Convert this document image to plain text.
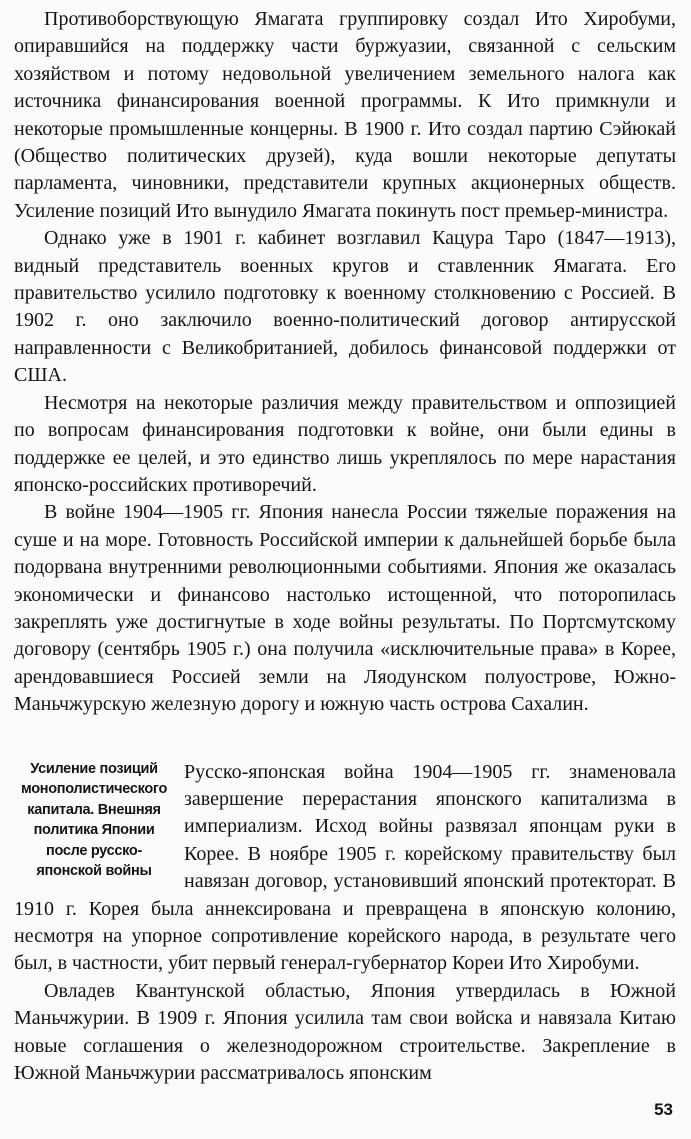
Противоборствующую Ямагата группировку создал Ито Хиробуми, опиравшийся на поддержку части буржуазии, связанной с сельским хозяйством и потому недовольной увеличением земельного налога как источника финансирования военной программы. К Ито примкнули и некоторые промышленные концерны. В 1900 г. Ито создал партию Сэйюкай (Общество политических друзей), куда вошли некоторые депутаты парламента, чиновники, представители крупных акционерных обществ. Усиление позиций Ито вынудило Ямагата покинуть пост премьер-министра.

Однако уже в 1901 г. кабинет возглавил Кацура Таро (1847—1913), видный представитель военных кругов и ставленник Ямагата. Его правительство усилило подготовку к военному столкновению с Россией. В 1902 г. оно заключило военно-политический договор антирусской направленности с Великобританией, добилось финансовой поддержки от США.

Несмотря на некоторые различия между правительством и оппозицией по вопросам финансирования подготовки к войне, они были едины в поддержке ее целей, и это единство лишь укреплялось по мере нарастания японско-российских противоречий.

В войне 1904—1905 гг. Япония нанесла России тяжелые поражения на суше и на море. Готовность Российской империи к дальнейшей борьбе была подорвана внутренними революционными событиями. Япония же оказалась экономически и финансово настолько истощенной, что поторопилась закреплять уже достигнутые в ходе войны результаты. По Портсмутскому договору (сентябрь 1905 г.) она получила «исключительные права» в Корее, арендовавшиеся Россией земли на Ляодунском полуострове, Южно-Маньчжурскую железную дорогу и южную часть острова Сахалин.

Усиление позиций монополистического капитала. Внешняя политика Японии после русско-японской войны

Русско-японская война 1904—1905 гг. знаменовала завершение перерастания японского капитализма в империализм. Исход войны развязал японцам руки в Корее. В ноябре 1905 г. корейскому правительству был навязан договор, установивший японский протекторат. В 1910 г. Корея была аннексирована и превращена в японскую колонию, несмотря на упорное сопротивление корейского народа, в результате чего был, в частности, убит первый генерал-губернатор Кореи Ито Хиробуми.

Овладев Квантунской областью, Япония утвердилась в Южной Маньчжурии. В 1909 г. Япония усилила там свои войска и навязала Китаю новые соглашения о железнодорожном строительстве. Закрепление в Южной Маньчжурии рассматривалось японским

53
